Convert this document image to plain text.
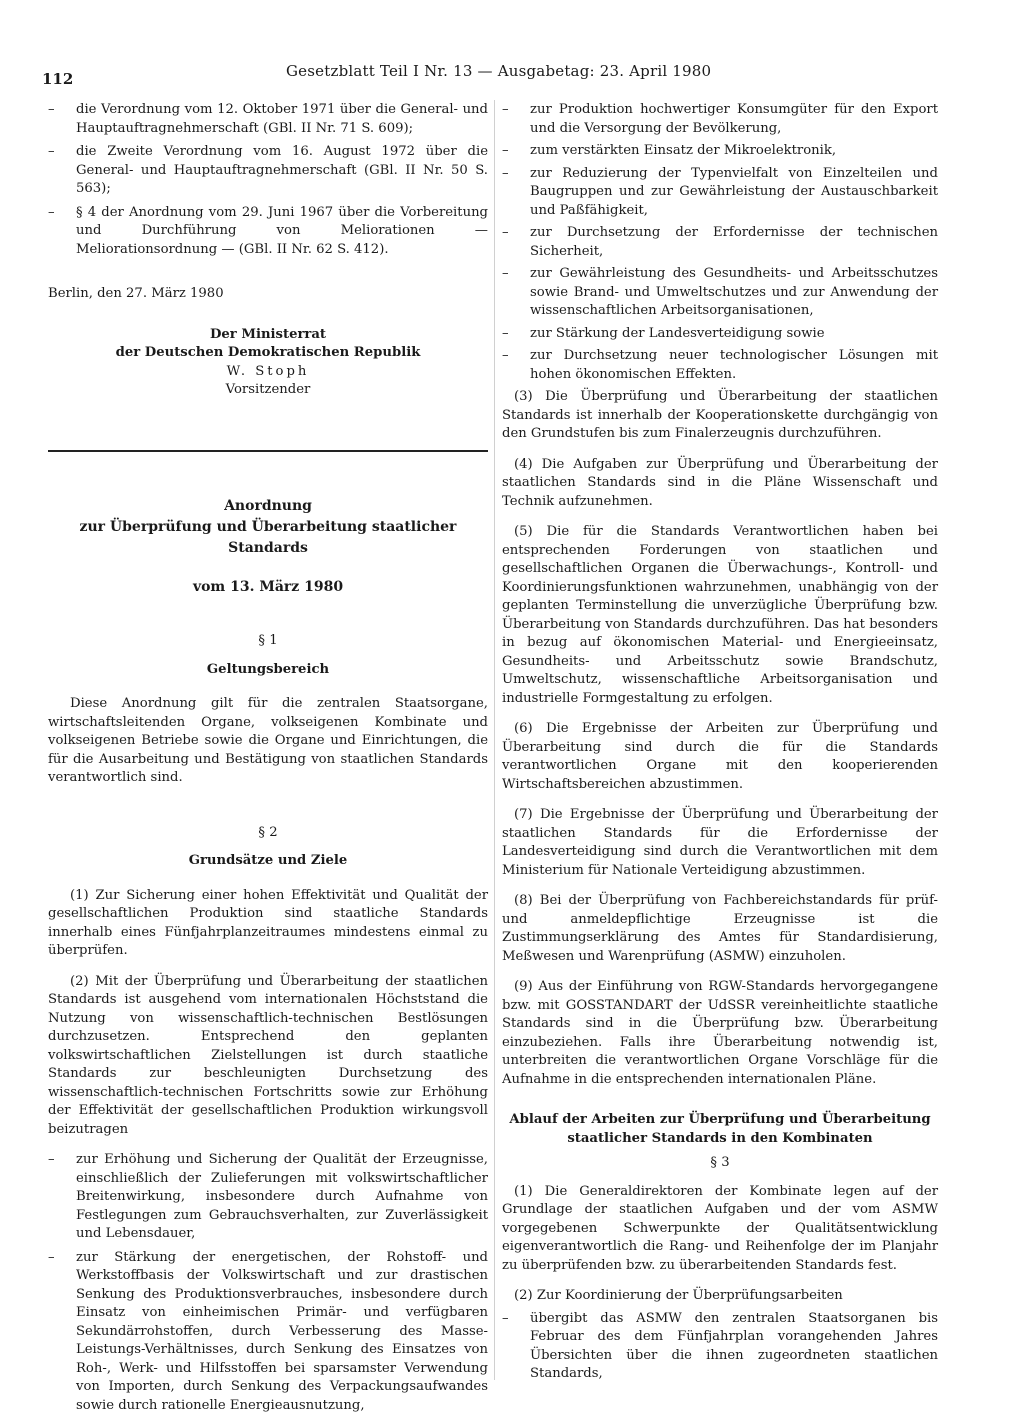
112	Gesetzblatt Teil I Nr. 13 — Ausgabetag: 23. April 1980
–	die Verordnung vom 12. Oktober 1971 über die General- und Hauptauftragnehmerschaft (GBl. II Nr. 71 S. 609);
–	die Zweite Verordnung vom 16. August 1972 über die General- und Hauptauftragnehmerschaft (GBl. II Nr. 50 S. 563);
–	§ 4 der Anordnung vom 29. Juni 1967 über die Vorbereitung und Durchführung von Meliorationen — Meliorationsordnung — (GBl. II Nr. 62 S. 412).
Berlin, den 27. März 1980
Der Ministerrat
der Deutschen Demokratischen Republik
W. Stoph
Vorsitzender
Anordnung
zur Überprüfung und Überarbeitung staatlicher Standards
vom 13. März 1980
§ 1
Geltungsbereich

Diese Anordnung gilt für die zentralen Staatsorgane, wirtschaftsleitenden Organe, volkseigenen Kombinate und volkseigenen Betriebe sowie die Organe und Einrichtungen, die für die Ausarbeitung und Bestätigung von staatlichen Standards verantwortlich sind.

§ 2
Grundsätze und Ziele

(1) Zur Sicherung einer hohen Effektivität und Qualität der gesellschaftlichen Produktion sind staatliche Standards innerhalb eines Fünfjahrplanzeitraumes mindestens einmal zu überprüfen.

(2) Mit der Überprüfung und Überarbeitung der staatlichen Standards ist ausgehend vom internationalen Höchststand die Nutzung von wissenschaftlich-technischen Bestlösungen durchzusetzen. Entsprechend den geplanten volkswirtschaftlichen Zielstellungen ist durch staatliche Standards zur beschleunigten Durchsetzung des wissenschaftlich-technischen Fortschritts sowie zur Erhöhung der Effektivität der gesellschaftlichen Produktion wirkungsvoll beizutragen

–	zur Erhöhung und Sicherung der Qualität der Erzeugnisse, einschließlich der Zulieferungen mit volkswirtschaftlicher Breitenwirkung, insbesondere durch Aufnahme von Festlegungen zum Gebrauchsverhalten, zur Zuverlässigkeit und Lebensdauer,
–	zur Stärkung der energetischen, der Rohstoff- und Werkstoffbasis der Volkswirtschaft und zur drastischen Senkung des Produktionsverbrauches, insbesondere durch Einsatz von einheimischen Primär- und verfügbaren Sekundärrohstoffen, durch Verbesserung des Masse-Leistungs-Verhältnisses, durch Senkung des Einsatzes von Roh-, Werk- und Hilfsstoffen bei sparsamster Verwendung von Importen, durch Senkung des Verpackungsaufwandes sowie durch rationelle Energieausnutzung,
–	zur Produktion hochwertiger Konsumgüter für den Export und die Versorgung der Bevölkerung,
–	zum verstärkten Einsatz der Mikroelektronik,
–	zur Reduzierung der Typenvielfalt von Einzelteilen und Baugruppen und zur Gewährleistung der Austauschbarkeit und Paßfähigkeit,
–	zur Durchsetzung der Erfordernisse der technischen Sicherheit,
–	zur Gewährleistung des Gesundheits- und Arbeitsschutzes sowie Brand- und Umweltschutzes und zur Anwendung der wissenschaftlichen Arbeitsorganisationen,
–	zur Stärkung der Landesverteidigung sowie
–	zur Durchsetzung neuer technologischer Lösungen mit hohen ökonomischen Effekten.

(3) Die Überprüfung und Überarbeitung der staatlichen Standards ist innerhalb der Kooperationskette durchgängig von den Grundstufen bis zum Finalerzeugnis durchzuführen.

(4) Die Aufgaben zur Überprüfung und Überarbeitung der staatlichen Standards sind in die Pläne Wissenschaft und Technik aufzunehmen.

(5) Die für die Standards Verantwortlichen haben bei entsprechenden Forderungen von staatlichen und gesellschaftlichen Organen die Überwachungs-, Kontroll- und Koordinierungsfunktionen wahrzunehmen, unabhängig von der geplanten Terminstellung die unverzügliche Überprüfung bzw. Überarbeitung von Standards durchzuführen. Das hat besonders in bezug auf ökonomischen Material- und Energieeinsatz, Gesundheits- und Arbeitsschutz sowie Brandschutz, Umweltschutz, wissenschaftliche Arbeitsorganisation und industrielle Formgestaltung zu erfolgen.

(6) Die Ergebnisse der Arbeiten zur Überprüfung und Überarbeitung sind durch die für die Standards verantwortlichen Organe mit den kooperierenden Wirtschaftsbereichen abzustimmen.

(7) Die Ergebnisse der Überprüfung und Überarbeitung der staatlichen Standards für die Erfordernisse der Landesverteidigung sind durch die Verantwortlichen mit dem Ministerium für Nationale Verteidigung abzustimmen.

(8) Bei der Überprüfung von Fachbereichstandards für prüf- und anmeldepflichtige Erzeugnisse ist die Zustimmungserklärung des Amtes für Standardisierung, Meßwesen und Warenprüfung (ASMW) einzuholen.

(9) Aus der Einführung von RGW-Standards hervorgegangene bzw. mit GOSSTANDART der UdSSR vereinheitlichte staatliche Standards sind in die Überprüfung bzw. Überarbeitung einzubeziehen. Falls ihre Überarbeitung notwendig ist, unterbreiten die verantwortlichen Organe Vorschläge für die Aufnahme in die entsprechenden internationalen Pläne.

Ablauf der Arbeiten zur Überprüfung und Überarbeitung
staatlicher Standards in den Kombinaten
§ 3

(1) Die Generaldirektoren der Kombinate legen auf der Grundlage der staatlichen Aufgaben und der vom ASMW vorgegebenen Schwerpunkte der Qualitätsentwicklung eigenverantwortlich die Rang- und Reihenfolge der im Planjahr zu überprüfenden bzw. zu überarbeitenden Standards fest.

(2) Zur Koordinierung der Überprüfungsarbeiten

–	übergibt das ASMW den zentralen Staatsorganen bis Februar des dem Fünfjahrplan vorangehenden Jahres Übersichten über die ihnen zugeordneten staatlichen Standards,
